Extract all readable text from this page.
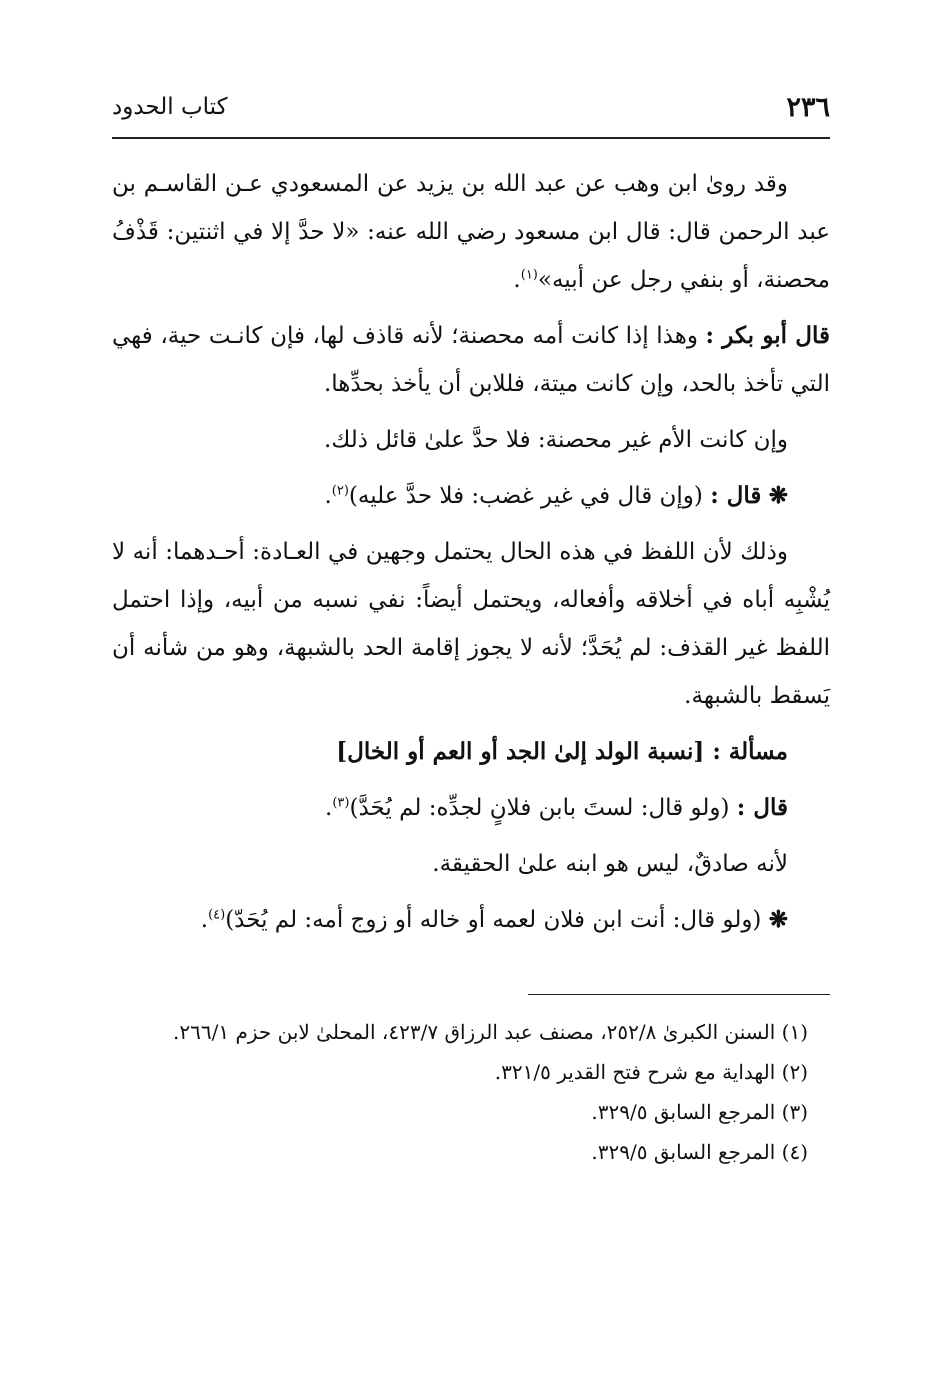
٢٣٦
كتاب الحدود

وقد رویٰ ابن وهب عن عبد الله بن يزيد عن المسعودي عـن القاسـم بن عبد الرحمن قال: قال ابن مسعود رضي الله عنه: «لا حدَّ إلا في اثنتين: قَذْفُ محصنة، أو بنفي رجل عن أبيه»$^{(١)}$.

قال أبو بكر : وهذا إذا كانت أمه محصنة؛ لأنه قاذف لها، فإن كانـت حية، فهي التي تأخذ بالحد، وإن كانت ميتة، فللابن أن يأخذ بحدِّها.

وإن كانت الأم غير محصنة: فلا حدَّ علىٰ قائل ذلك.

❋ قال : (وإن قال في غير غضب: فلا حدَّ عليه)$^{(٢)}$.

وذلك لأن اللفظ في هذه الحال يحتمل وجهين في العـادة: أحـدهما: أنه لا يُشْبِه أباه في أخلاقه وأفعاله، ويحتمل أيضاً: نفي نسبه من أبيه، وإذا احتمل اللفظ غير القذف: لم يُحَدَّ؛ لأنه لا يجوز إقامة الحد بالشبهة، وهو من شأنه أن يَسقط بالشبهة.

مسألة : [نسبة الولد إلىٰ الجد أو العم أو الخال]

قال : (ولو قال: لستَ بابن فلانٍ لجدِّه: لم يُحَدَّ)$^{(٣)}$.

لأنه صادقٌ، ليس هو ابنه علىٰ الحقيقة.

❋ (ولو قال: أنت ابن فلان لعمه أو خاله أو زوج أمه: لم يُحَدّ)$^{(٤)}$.

(١) السنن الكبرىٰ ٢٥٢/٨، مصنف عبد الرزاق ٤٢٣/٧، المحلىٰ لابن حزم ٢٦٦/١.

(٢) الهداية مع شرح فتح القدير ٣٢١/٥.

(٣) المرجع السابق ٣٢٩/٥.

(٤) المرجع السابق ٣٢٩/٥.
